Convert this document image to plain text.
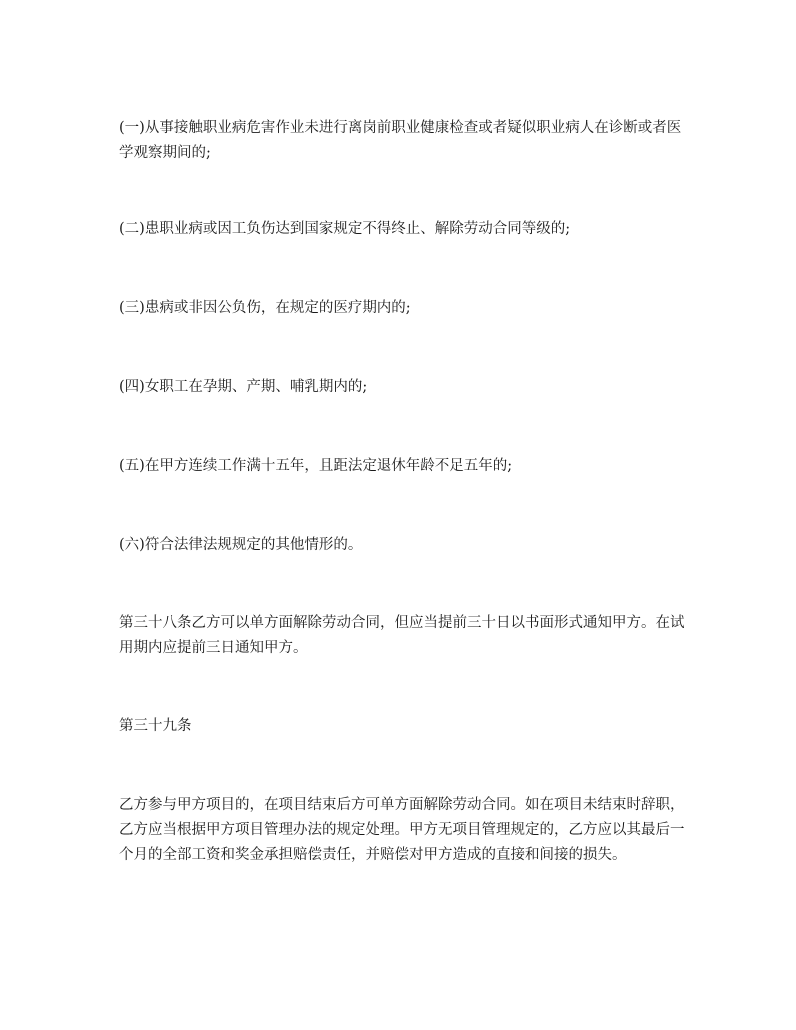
(一)从事接触职业病危害作业未进行离岗前职业健康检查或者疑似职业病人在诊断或者医学观察期间的;

(二)患职业病或因工负伤达到国家规定不得终止、解除劳动合同等级的;

(三)患病或非因公负伤，在规定的医疗期内的;

(四)女职工在孕期、产期、哺乳期内的;

(五)在甲方连续工作满十五年，且距法定退休年龄不足五年的;

(六)符合法律法规规定的其他情形的。

第三十八条乙方可以单方面解除劳动合同，但应当提前三十日以书面形式通知甲方。在试用期内应提前三日通知甲方。

第三十九条

乙方参与甲方项目的，在项目结束后方可单方面解除劳动合同。如在项目未结束时辞职，乙方应当根据甲方项目管理办法的规定处理。甲方无项目管理规定的，乙方应以其最后一个月的全部工资和奖金承担赔偿责任，并赔偿对甲方造成的直接和间接的损失。
